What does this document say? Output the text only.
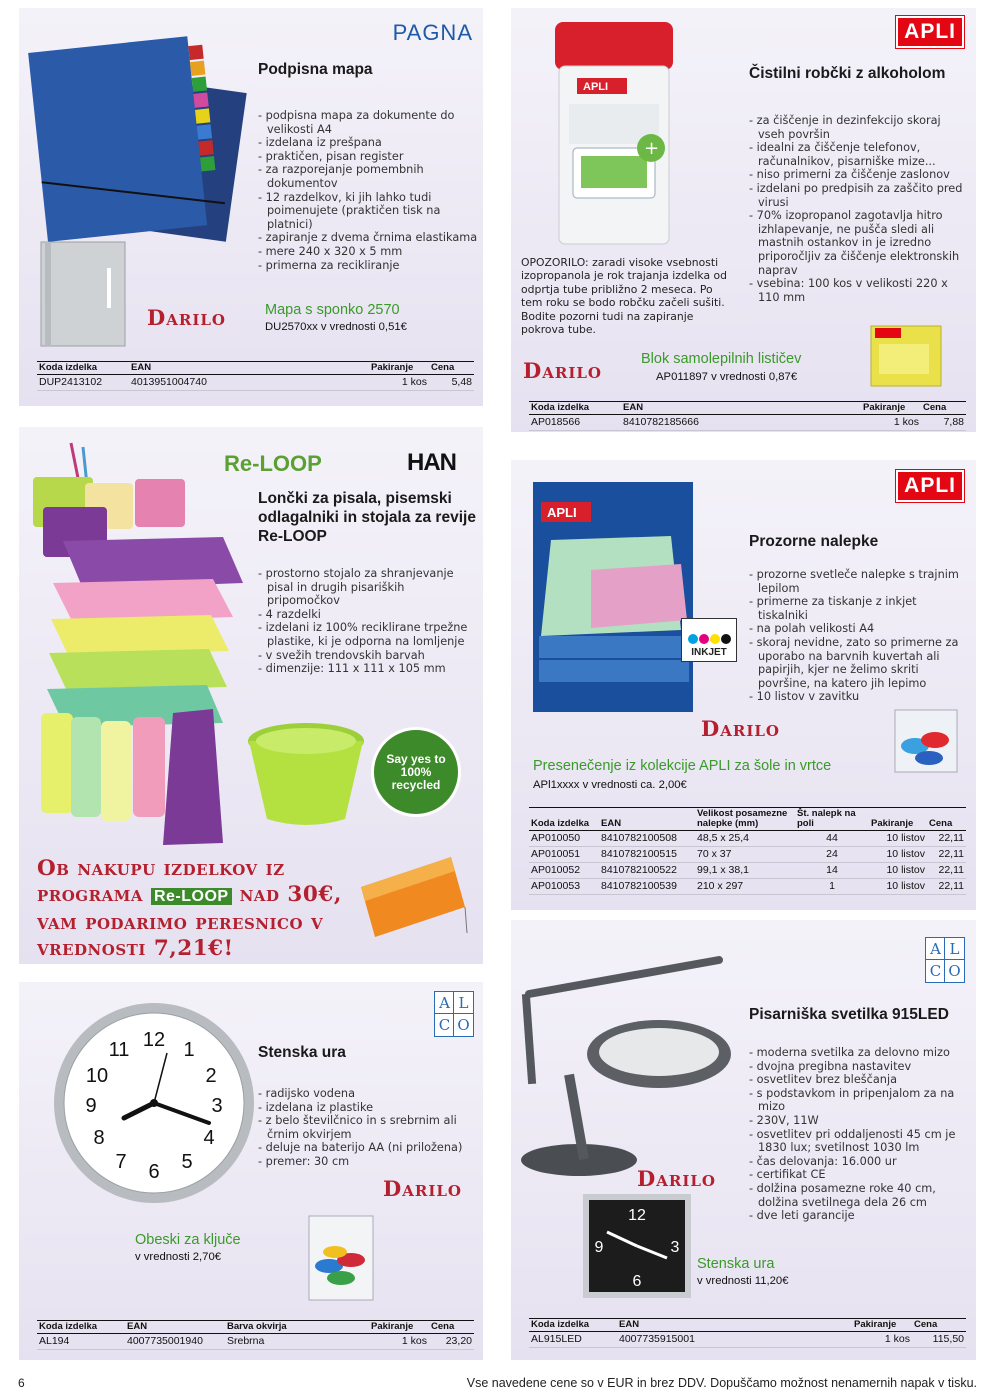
PAGNA
Podpisna mapa
- podpisna mapa za dokumente do velikosti A4
- izdelana iz prešpana
- praktičen, pisan register
- za razporejanje pomembnih dokumentov
- 12 razdelkov, ki jih lahko tudi poimenujete (praktičen tisk na platnici)
- zapiranje z dvema črnima elastikama
- mere 240 x 320 x 5 mm
- primerna za recikliranje
Darilo	Mapa s sponko 2570
DU2570xx v vrednosti 0,51€
Koda izdelka	EAN	Pakiranje	Cena
DUP2413102	4013951004740	1 kos	5,48
APLI
APLI
+
OPOZORILO: zaradi visoke vsebnosti izopropanola je rok trajanja izdelka od odprtja tube približno 2 meseca. Po tem roku se bodo robčku začeli sušiti. Bodite pozorni tudi na zapiranje pokrova tube.
Čistilni robčki z alkoholom
- za čiščenje in dezinfekcijo skoraj vseh površin
- idealni za čiščenje telefonov, računalnikov, pisarniške mize...
- niso primerni za čiščenje zaslonov
- izdelani po predpisih za zaščito pred virusi
- 70% izopropanol zagotavlja hitro izhlapevanje, ne pušča sledi ali mastnih ostankov in je izredno priporočljiv za čiščenje elektronskih naprav
- vsebina: 100 kos v velikosti 220 x 110 mm
Darilo	Blok samolepilnih lističev
AP011897 v vrednosti 0,87€
Koda izdelka	EAN	Pakiranje	Cena
AP018566	8410782185666	1 kos	7,88
Re-LOOP	HAN
Lončki za pisala, pisemski odlagalniki in stojala za revije Re-LOOP
- prostorno stojalo za shranjevanje pisal in drugih pisariških pripomočkov
- 4 razdelki
- izdelani iz 100% reciklirane trpežne plastike, ki je odporna na lomljenje
- v svežih trendovskih barvah
- dimenzije: 111 x 111 x 105 mm
Say yes to 100% recycled
Ob nakupu izdelkov iz programa Re-LOOP nad 30€, vam podarimo peresnico v vrednosti 7,21€!
APLI
APLI
INKJET
Prozorne nalepke
- prozorne svetleče nalepke s trajnim lepilom
- primerne za tiskanje z inkjet tiskalniki
- na polah velikosti A4
- skoraj nevidne, zato so primerne za uporabo na barvnih kuvertah ali papirjih, kjer ne želimo skriti površine, na katero jih lepimo
- 10 listov v zavitku
Darilo
Presenečenje iz kolekcije APLI za šole in vrtce
APl1xxxx v vrednosti ca. 2,00€
Koda izdelka	EAN	Velikost posamezne nalepke (mm)	Št. nalepk na poli	Pakiranje	Cena
AP010050	8410782100508	48,5 x 25,4	44	10 listov	22,11
AP010051	8410782100515	70 x 37	24	10 listov	22,11
AP010052	8410782100522	99,1 x 38,1	14	10 listov	22,11
AP010053	8410782100539	210 x 297	1	10 listov	22,11
A L
C O
12 1
2
3
4
5
6
7
8
9
10
11	Stenska ura
- radijsko vodena
- izdelana iz plastike
- z belo številčnico in s srebrnim ali črnim okvirjem
- deluje na baterijo AA (ni priložena)
- premer: 30 cm
Darilo
Obeski za ključe
v vrednosti 2,70€
Koda izdelka	EAN	Barva okvirja	Pakiranje	Cena
AL194	4007735001940	Srebrna	1 kos	23,20
A L
C O
Pisarniška svetilka 915LED
- moderna svetilka za delovno mizo
- dvojna pregibna nastavitev
- osvetlitev brez bleščanja
- s podstavkom in pripenjalom za na mizo
- 230V, 11W
- osvetlitev pri oddaljenosti 45 cm je 1830 lux; svetilnost 1030 lm
- čas delovanja: 16.000 ur
- certifikat CE
- dolžina posamezne roke 40 cm, dolžina svetilnega dela 26 cm
- dve leti garancije
Darilo
12
3
6
9
Stenska ura
v vrednosti 11,20€
Koda izdelka	EAN	Pakiranje	Cena
AL915LED	4007735915001	1 kos	115,50
6	Vse navedene cene so v EUR in brez DDV. Dopuščamo možnost nenamernih napak v tisku.
